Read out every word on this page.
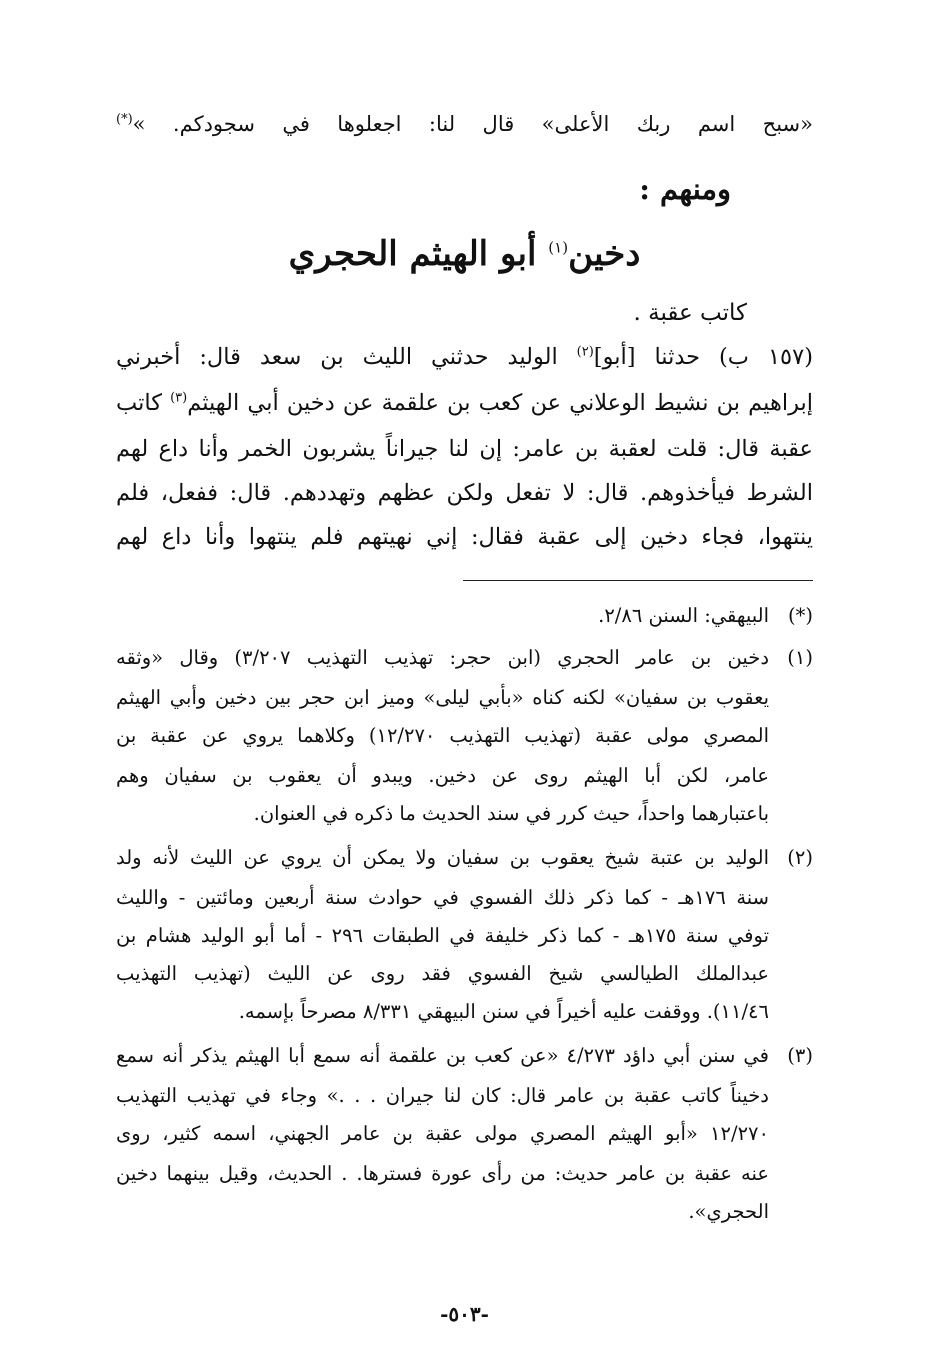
«سبح اسم ربك الأعلى» قال لنا: اجعلوها في سجودكم. »(*)
ومنهم :
دخين$^{(١)}$ أبو الهيثم الحجري
كاتب عقبة .
(١٥٧ ب) حدثنا [أبو]$^{(٢)}$ الوليد حدثني الليث بن سعد قال: أخبرني
إبراهيم بن نشيط الوعلاني عن كعب بن علقمة عن دخين أبي الهيثم$^{(٣)}$ كاتب
عقبة قال: قلت لعقبة بن عامر: إن لنا جيراناً يشربون الخمر وأنا داع لهم
الشرط فيأخذوهم. قال: لا تفعل ولكن عظهم وتهددهم. قال: ففعل، فلم
ينتهوا، فجاء دخين إلى عقبة فقال: إني نهيتهم فلم ينتهوا وأنا داع لهم
(*)
البيهقي: السنن ٢/٨٦.
(١)
دخين بن عامر الحجري (ابن حجر: تهذيب التهذيب ٣/٢٠٧) وقال «وثقه
يعقوب بن سفيان» لكنه كناه «بأبي ليلى» وميز ابن حجر بين دخين وأبي الهيثم
المصري مولى عقبة (تهذيب التهذيب ١٢/٢٧٠) وكلاهما يروي عن عقبة بن
عامر، لكن أبا الهيثم روى عن دخين. ويبدو أن يعقوب بن سفيان وهم
باعتبارهما واحداً، حيث كرر في سند الحديث ما ذكره في العنوان.
(٢)
الوليد بن عتبة شيخ يعقوب بن سفيان ولا يمكن أن يروي عن الليث لأنه ولد
سنة ١٧٦هـ - كما ذكر ذلك الفسوي في حوادث سنة أربعين ومائتين - والليث
توفي سنة ١٧٥هـ - كما ذكر خليفة في الطبقات ٢٩٦ - أما أبو الوليد هشام بن
عبدالملك الطيالسي شيخ الفسوي فقد روى عن الليث (تهذيب التهذيب
١١/٤٦). ووقفت عليه أخيراً في سنن البيهقي ٨/٣٣١ مصرحاً بإسمه.
(٣)
في سنن أبي داؤد ٤/٢٧٣ «عن كعب بن علقمة أنه سمع أبا الهيثم يذكر أنه سمع
دخيناً كاتب عقبة بن عامر قال: كان لنا جيران . . .» وجاء في تهذيب التهذيب
١٢/٢٧٠ «أبو الهيثم المصري مولى عقبة بن عامر الجهني، اسمه كثير، روى
عنه عقبة بن عامر حديث: من رأى عورة فسترها. . الحديث، وقيل بينهما دخين
الحجري».
-٥٠٣-
